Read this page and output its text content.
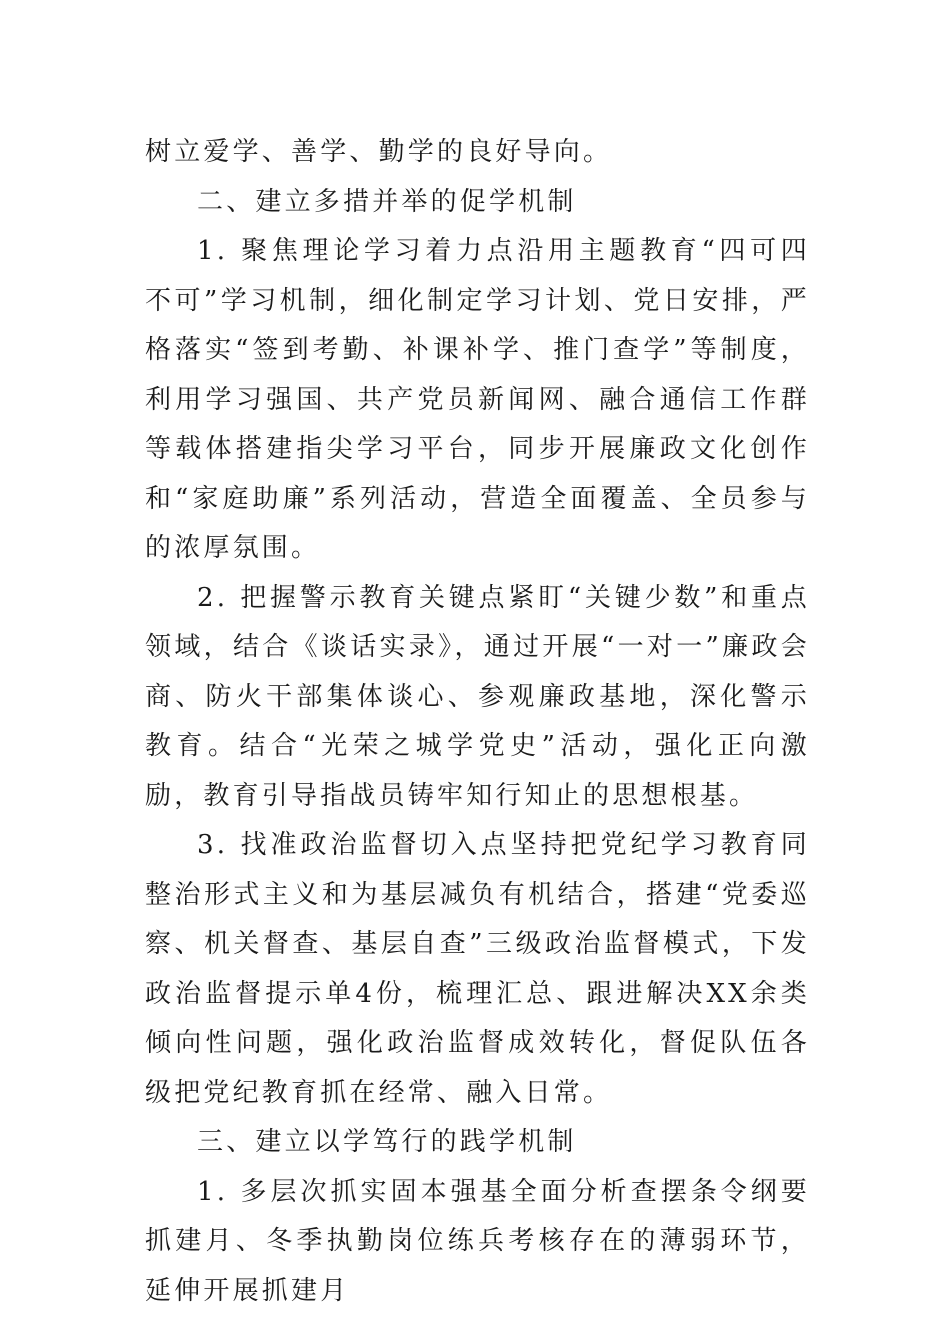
树立爱学、善学、勤学的良好导向。

二、建立多措并举的促学机制

1. 聚焦理论学习着力点沿用主题教育“四可四不可”学习机制，细化制定学习计划、党日安排，严格落实“签到考勤、补课补学、推门查学”等制度，利用学习强国、共产党员新闻网、融合通信工作群等载体搭建指尖学习平台，同步开展廉政文化创作和“家庭助廉”系列活动，营造全面覆盖、全员参与的浓厚氛围。

2. 把握警示教育关键点紧盯“关键少数”和重点领域，结合《谈话实录》，通过开展“一对一”廉政会商、防火干部集体谈心、参观廉政基地，深化警示教育。结合“光荣之城学党史”活动，强化正向激励，教育引导指战员铸牢知行知止的思想根基。

3. 找准政治监督切入点坚持把党纪学习教育同整治形式主义和为基层减负有机结合，搭建“党委巡察、机关督查、基层自查”三级政治监督模式，下发政治监督提示单4份，梳理汇总、跟进解决XX余类倾向性问题，强化政治监督成效转化，督促队伍各级把党纪教育抓在经常、融入日常。

三、建立以学笃行的践学机制

1. 多层次抓实固本强基全面分析查摆条令纲要抓建月、冬季执勤岗位练兵考核存在的薄弱环节，延伸开展抓建月
